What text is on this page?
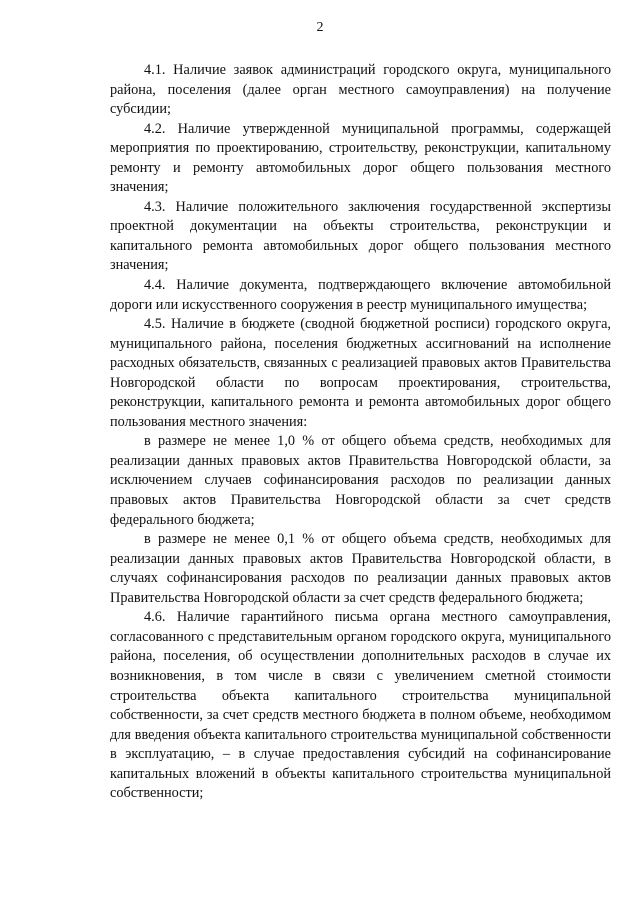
2

4.1. Наличие заявок администраций городского округа, муниципального района, поселения (далее орган местного самоуправления) на получение субсидии;

4.2. Наличие утвержденной муниципальной программы, содержащей мероприятия по проектированию, строительству, реконструкции, капитальному ремонту и ремонту автомобильных дорог общего пользования местного значения;

4.3. Наличие положительного заключения государственной экспертизы проектной документации на объекты строительства, реконструкции и капитального ремонта автомобильных дорог общего пользования местного значения;

4.4. Наличие документа, подтверждающего включение автомобильной дороги или искусственного сооружения в реестр муниципального имущества;

4.5. Наличие в бюджете (сводной бюджетной росписи) городского округа, муниципального района, поселения бюджетных ассигнований на исполнение расходных обязательств, связанных с реализацией правовых актов Правительства Новгородской области по вопросам проектирования, строительства, реконструкции, капитального ремонта и ремонта автомобильных дорог общего пользования местного значения:

в размере не менее 1,0 % от общего объема средств, необходимых для реализации данных правовых актов Правительства Новгородской области, за исключением случаев софинансирования расходов по реализации данных правовых актов Правительства Новгородской области за счет средств федерального бюджета;

в размере не менее 0,1 % от общего объема средств, необходимых для реализации данных правовых актов Правительства Новгородской области, в случаях софинансирования расходов по реализации данных правовых актов Правительства Новгородской области за счет средств федерального бюджета;

4.6. Наличие гарантийного письма органа местного самоуправления, согласованного с представительным органом городского округа, муниципального района, поселения, об осуществлении дополнительных расходов в случае их возникновения, в том числе в связи с увеличением сметной стоимости строительства объекта капитального строительства муниципальной собственности, за счет средств местного бюджета в полном объеме, необходимом для введения объекта капитального строительства муниципальной собственности в эксплуатацию, – в случае предоставления субсидий на софинансирование капитальных вложений в объекты капитального строительства муниципальной собственности;
